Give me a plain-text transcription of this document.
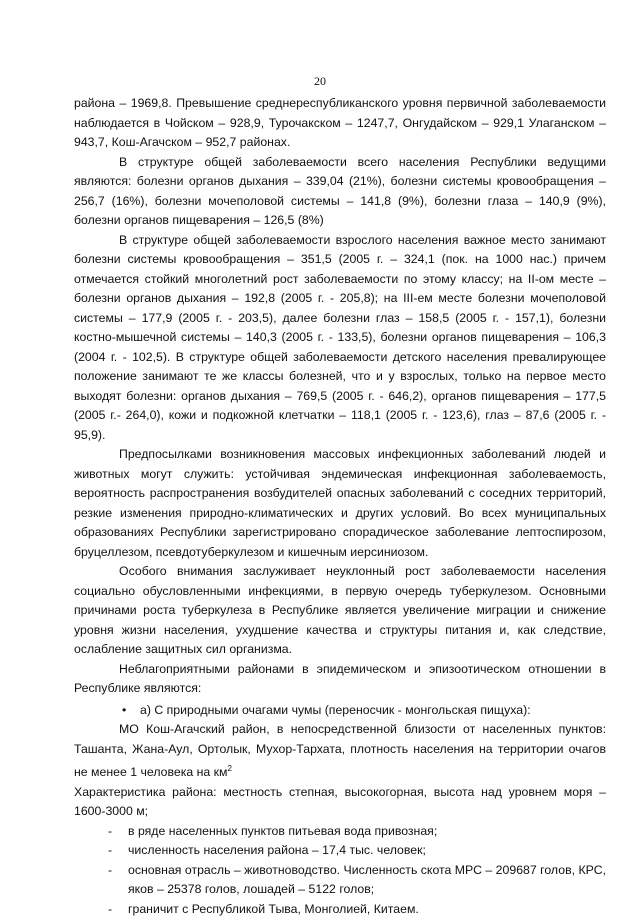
20

района – 1969,8. Превышение среднереспубликанского уровня первичной заболеваемости наблюдается в Чойском – 928,9, Турочакском – 1247,7, Онгудайском – 929,1 Улаганском – 943,7, Кош-Агачском – 952,7 районах.

В структуре общей заболеваемости всего населения Республики ведущими являются: болезни органов дыхания – 339,04 (21%), болезни системы кровообращения – 256,7 (16%), болезни мочеполовой системы – 141,8 (9%), болезни глаза – 140,9 (9%), болезни органов пищеварения – 126,5 (8%)

В структуре общей заболеваемости взрослого населения важное место занимают болезни системы кровообращения – 351,5 (2005 г. – 324,1 (пок. на 1000 нас.) причем отмечается стойкий многолетний рост заболеваемости по этому классу; на II-ом месте – болезни органов дыхания – 192,8 (2005 г. - 205,8); на III-ем месте болезни мочеполовой системы – 177,9 (2005 г. - 203,5), далее болезни глаз – 158,5 (2005 г. - 157,1), болезни костно-мышечной системы – 140,3 (2005 г. - 133,5), болезни органов пищеварения – 106,3 (2004 г. - 102,5). В структуре общей заболеваемости детского населения превалирующее положение занимают те же классы болезней, что и у взрослых, только на первое место выходят болезни: органов дыхания – 769,5 (2005 г. - 646,2), органов пищеварения – 177,5 (2005 г.- 264,0), кожи и подкожной клетчатки – 118,1 (2005 г. - 123,6), глаз – 87,6 (2005 г. - 95,9).

Предпосылками возникновения массовых инфекционных заболеваний людей и животных могут служить: устойчивая эндемическая инфекционная заболеваемость, вероятность распространения возбудителей опасных заболеваний с соседних территорий, резкие изменения природно-климатических и других условий. Во всех муниципальных образованиях Республики зарегистрировано спорадическое заболевание лептоспирозом, бруцеллезом, псевдотуберкулезом и кишечным иерсиниозом.

Особого внимания заслуживает неуклонный рост заболеваемости населения социально обусловленными инфекциями, в первую очередь туберкулезом. Основными причинами роста туберкулеза в Республике является увеличение миграции и снижение уровня жизни населения, ухудшение качества и структуры питания и, как следствие, ослабление защитных сил организма.

Неблагоприятными районами в эпидемическом и эпизоотическом отношении в Республике являются:

•	а) С природными очагами чумы (переносчик - монгольская пищуха):

МО Кош-Агачский район, в непосредственной близости от населенных пунктов: Ташанта, Жана-Аул, Ортолык, Мухор-Тархата, плотность населения на территории очагов не менее 1 человека на $км^2$

Характеристика района: местность степная, высокогорная, высота над уровнем моря – 1600-3000 м;

- в ряде населенных пунктов питьевая вода привозная;
- численность населения района – 17,4 тыс. человек;
- основная отрасль – животноводство. Численность скота МРС – 209687 голов, КРС, яков – 25378 голов, лошадей – 5122 голов;
- граничит с Республикой Тыва, Монголией, Китаем.
